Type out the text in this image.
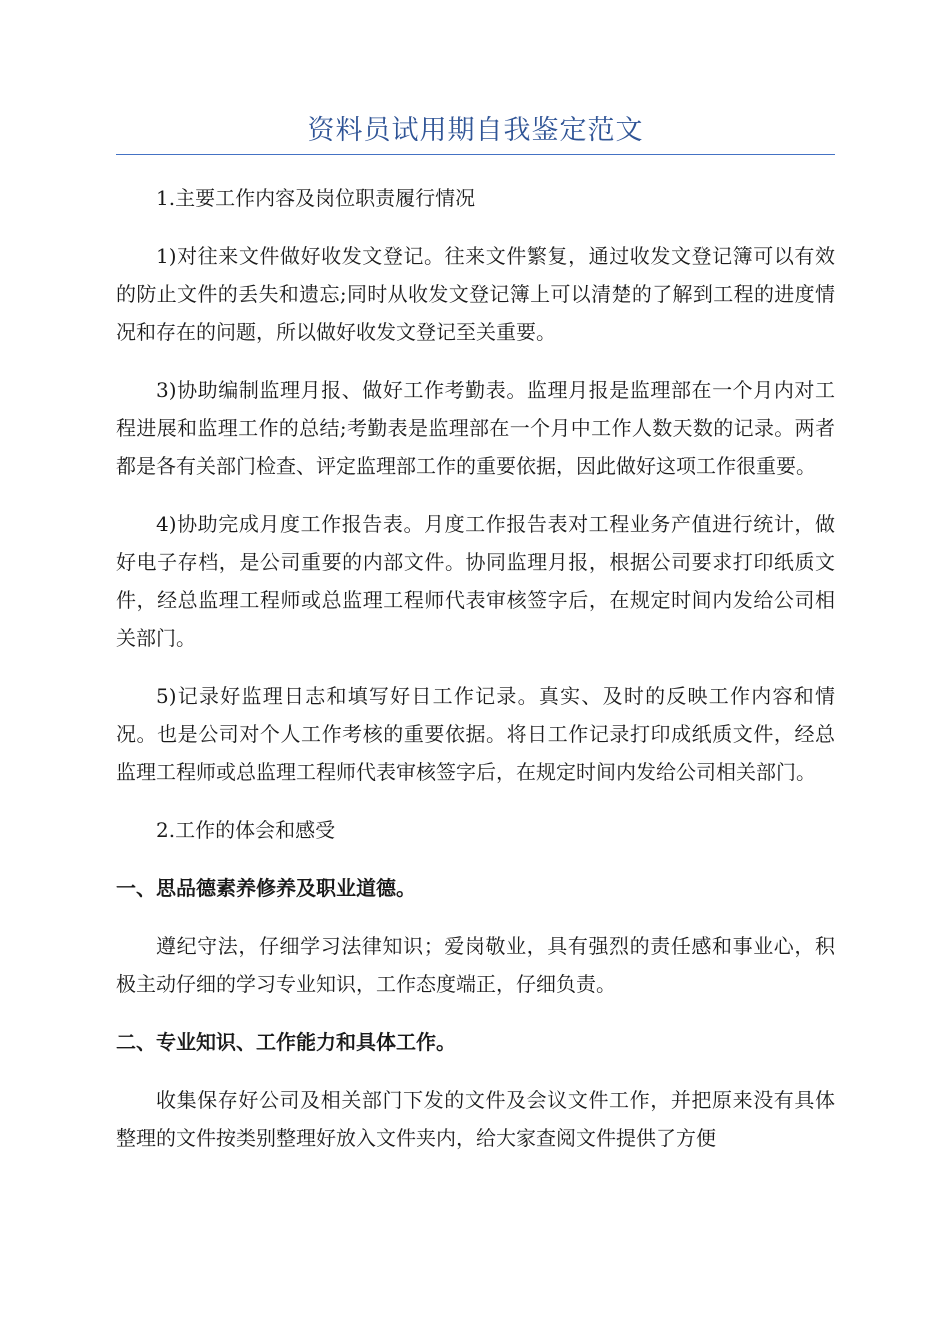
资料员试用期自我鉴定范文

1.主要工作内容及岗位职责履行情况

1)对往来文件做好收发文登记。往来文件繁复，通过收发文登记簿可以有效的防止文件的丢失和遗忘;同时从收发文登记簿上可以清楚的了解到工程的进度情况和存在的问题，所以做好收发文登记至关重要。

3)协助编制监理月报、做好工作考勤表。监理月报是监理部在一个月内对工程进展和监理工作的总结;考勤表是监理部在一个月中工作人数天数的记录。两者都是各有关部门检查、评定监理部工作的重要依据，因此做好这项工作很重要。

4)协助完成月度工作报告表。月度工作报告表对工程业务产值进行统计，做好电子存档，是公司重要的内部文件。协同监理月报，根据公司要求打印纸质文件，经总监理工程师或总监理工程师代表审核签字后，在规定时间内发给公司相关部门。

5)记录好监理日志和填写好日工作记录。真实、及时的反映工作内容和情况。也是公司对个人工作考核的重要依据。将日工作记录打印成纸质文件，经总监理工程师或总监理工程师代表审核签字后，在规定时间内发给公司相关部门。

2.工作的体会和感受

一、思品德素养修养及职业道德。

遵纪守法，仔细学习法律知识；爱岗敬业，具有强烈的责任感和事业心，积极主动仔细的学习专业知识，工作态度端正，仔细负责。

二、专业知识、工作能力和具体工作。

收集保存好公司及相关部门下发的文件及会议文件工作，并把原来没有具体整理的文件按类别整理好放入文件夹内，给大家查阅文件提供了方便
